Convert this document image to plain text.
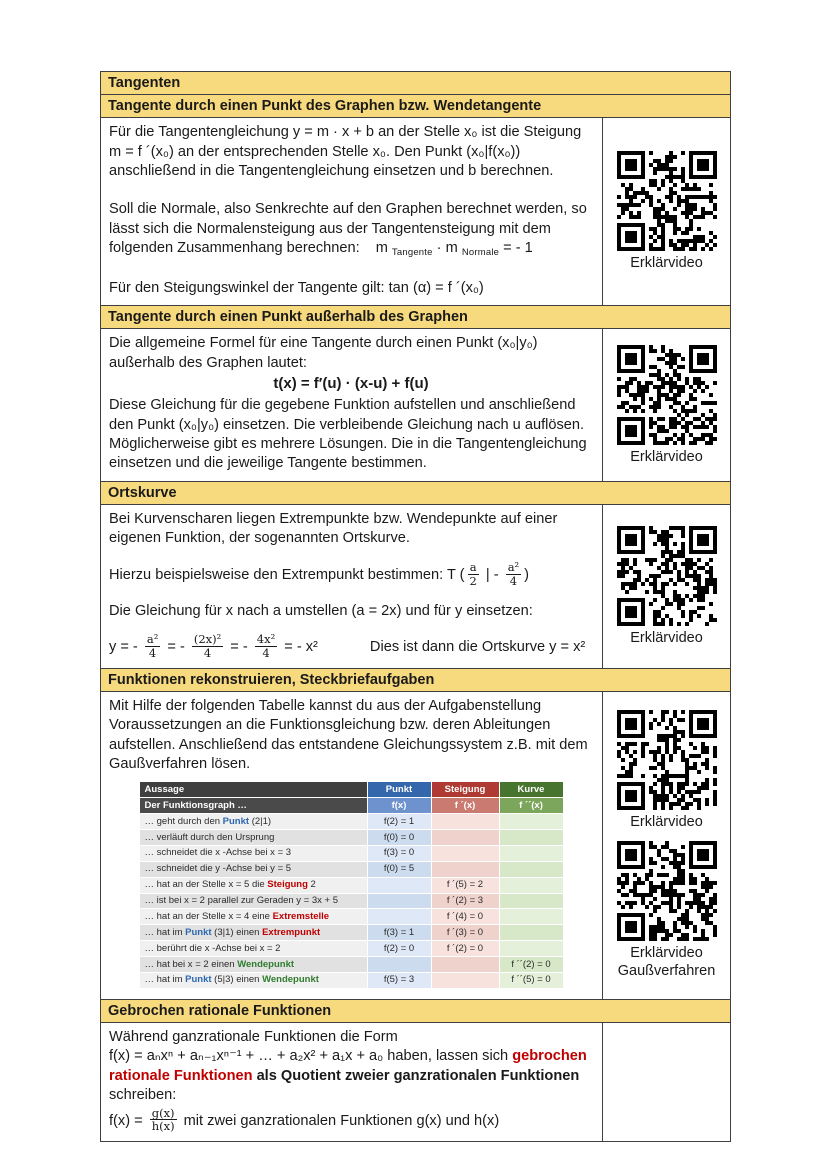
Tangenten
Tangente durch einen Punkt des Graphen bzw. Wendetangente

Für die Tangentengleichung y = m · x + b an der Stelle x₀ ist die Steigung m = f ´(x₀) an der entsprechenden Stelle x₀. Den Punkt (x₀|f(x₀)) anschließend in die Tangentengleichung einsetzen und b berechnen.

Soll die Normale, also Senkrechte auf den Graphen berechnet werden, so lässt sich die Normalensteigung aus der Tangentensteigung mit dem folgenden Zusammenhang berechnen: m $_{Tangente}$ · m $_{Normale}$ = - 1

Für den Steigungswinkel der Tangente gilt: tan (α) = f ´(x₀)

Erklärvideo
Tangente durch einen Punkt außerhalb des Graphen

Die allgemeine Formel für eine Tangente durch einen Punkt (x₀|y₀) außerhalb des Graphen lautet:

t(x) = f′(u) · (x-u) + f(u)

Diese Gleichung für die gegebene Funktion aufstellen und anschließend den Punkt (x₀|y₀) einsetzen. Die verbleibende Gleichung nach u auflösen. Möglicherweise gibt es mehrere Lösungen. Die in die Tangentengleichung einsetzen und die jeweilige Tangente bestimmen.	Erklärvideo
Ortskurve

Bei Kurvenscharen liegen Extrempunkte bzw. Wendepunkte auf einer eigenen Funktion, der sogenannten Ortskurve.

Hierzu beispielsweise den Extrempunkt bestimmen: T ( $\frac{a}{2}$ | - $\frac{\text{a²}}{4}$ )

Die Gleichung für x nach a umstellen (a = 2x) und für y einsetzen:

y = - $\frac{\text{a²}}{4}$ = - $\frac{\text{(2x)²}}{4}$ = - $\frac{\text{4x²}}{4}$ = - x²	Dies ist dann die Ortskurve y = x²

Erklärvideo
Funktionen rekonstruieren, Steckbriefaufgaben

Mit Hilfe der folgenden Tabelle kannst du aus der Aufgabenstellung Voraussetzungen an die Funktionsgleichung bzw. deren Ableitungen aufstellen. Anschließend das entstandene Gleichungssystem z.B. mit dem Gaußverfahren lösen.

Aussage	Punkt	Steigung	Kurve
Der Funktionsgraph …	f(x)	f ´(x)	f ´´(x)
… geht durch den Punkt (2|1)	f(2) = 1		
… verläuft durch den Ursprung	f(0) = 0		
… schneidet die x -Achse bei x = 3	f(3) = 0		
… schneidet die y -Achse bei y = 5	f(0) = 5		
… hat an der Stelle x = 5 die Steigung 2		f ´(5) = 2	
… ist bei x = 2 parallel zur Geraden y = 3x + 5		f ´(2) = 3	
… hat an der Stelle x = 4 eine Extremstelle		f ´(4) = 0	
… hat im Punkt (3|1) einen Extrempunkt	f(3) = 1	f ´(3) = 0	
… berührt die x -Achse bei x = 2	f(2) = 0	f ´(2) = 0	
… hat bei x = 2 einen Wendepunkt			f ´´(2) = 0
… hat im Punkt (5|3) einen Wendepunkt	f(5) = 3		f ´´(5) = 0
Erklärvideo
Erklärvideo
Gaußverfahren
Gebrochen rationale Funktionen

Während ganzrationale Funktionen die Form

f(x) = aₙxⁿ + aₙ₋₁xⁿ⁻¹ + … + a₂x² + a₁x + a₀ haben, lassen sich gebrochen rationale Funktionen als Quotient zweier ganzrationalen Funktionen schreiben:

$f(x) = \frac{g(x)}{h(x)}$ mit zwei ganzrationalen Funktionen g(x) und h(x)
